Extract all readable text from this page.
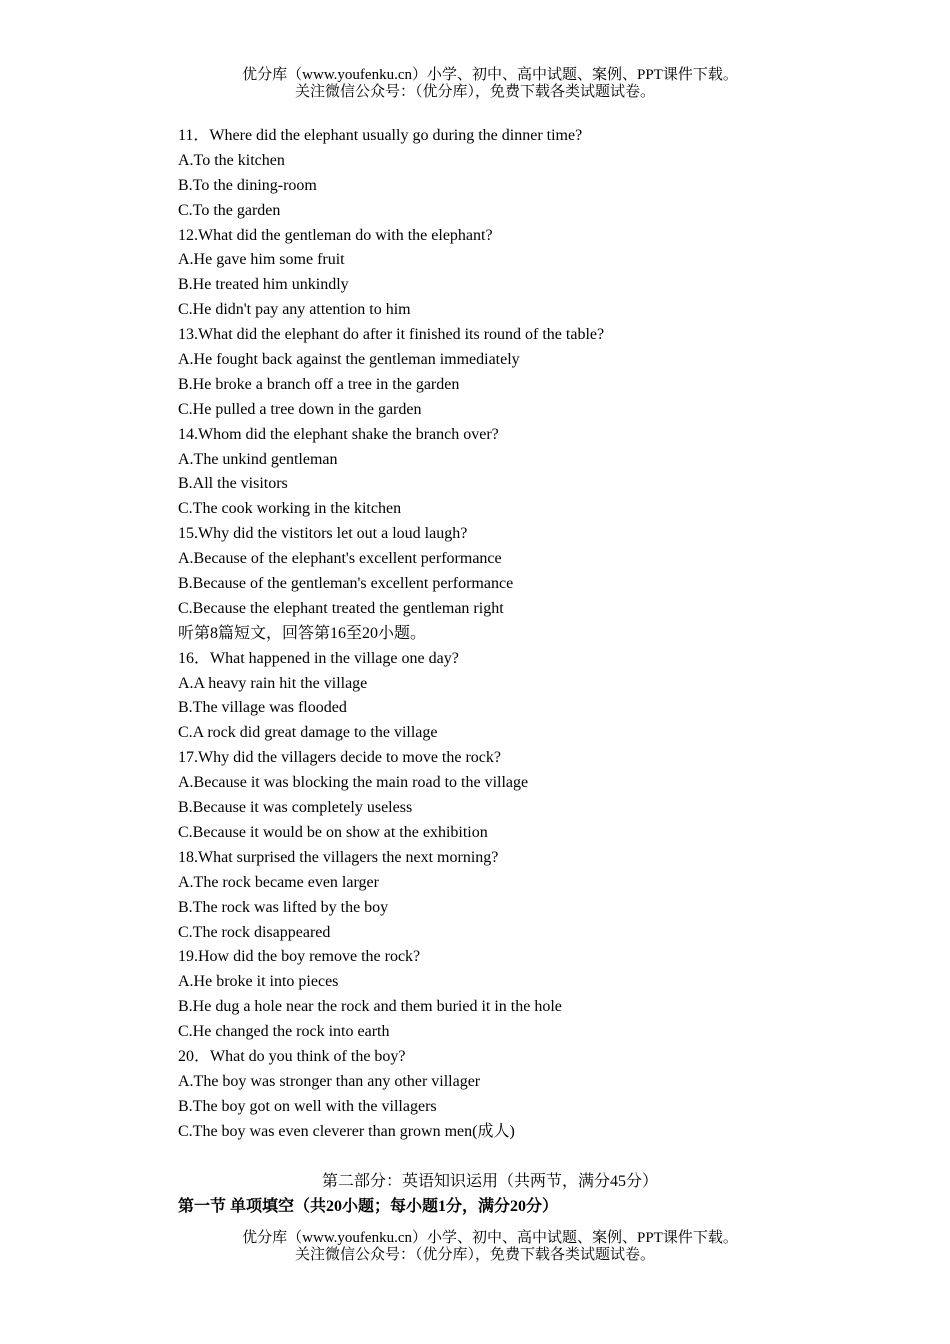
优分库（www.youfenku.cn）小学、初中、高中试题、案例、PPT课件下载。
关注微信公众号：（优分库），免费下载各类试题试卷。
11．Where did the elephant usually go during the dinner time?
A.To the kitchen
B.To the dining-room
C.To the garden
12.What did the gentleman do with the elephant?
A.He gave him some fruit
B.He treated him unkindly
C.He didn't pay any attention to him
13.What did the elephant do after it finished its round of the table?
A.He fought back against the gentleman immediately
B.He broke a branch off a tree in the garden
C.He pulled a tree down in the garden
14.Whom did the elephant shake the branch over?
A.The unkind gentleman
B.All the visitors
C.The cook working in the kitchen
15.Why did the vistitors let out a loud laugh?
A.Because of the elephant's excellent performance
B.Because of the gentleman's excellent performance
C.Because the elephant treated the gentleman right
听第8篇短文，回答第16至20小题。
16．What happened in the village one day?
A.A heavy rain hit the village
B.The village was flooded
C.A rock did great damage to the village
17.Why did the villagers decide to move the rock?
A.Because it was blocking the main road to the village
B.Because it was completely useless
C.Because it would be on show at the exhibition
18.What surprised the villagers the next morning?
A.The rock became even larger
B.The rock was lifted by the boy
C.The rock disappeared
19.How did the boy remove the rock?
A.He broke it into pieces
B.He dug a hole near the rock and them buried it in the hole
C.He changed the rock into earth
20．What do you think of the boy?
A.The boy was stronger than any other villager
B.The boy got on well with the villagers
C.The boy was even cleverer than grown men(成人)
第二部分：英语知识运用（共两节，满分45分）
第一节 单项填空（共20小题；每小题1分，满分20分）
优分库（www.youfenku.cn）小学、初中、高中试题、案例、PPT课件下载。
关注微信公众号：（优分库），免费下载各类试题试卷。
